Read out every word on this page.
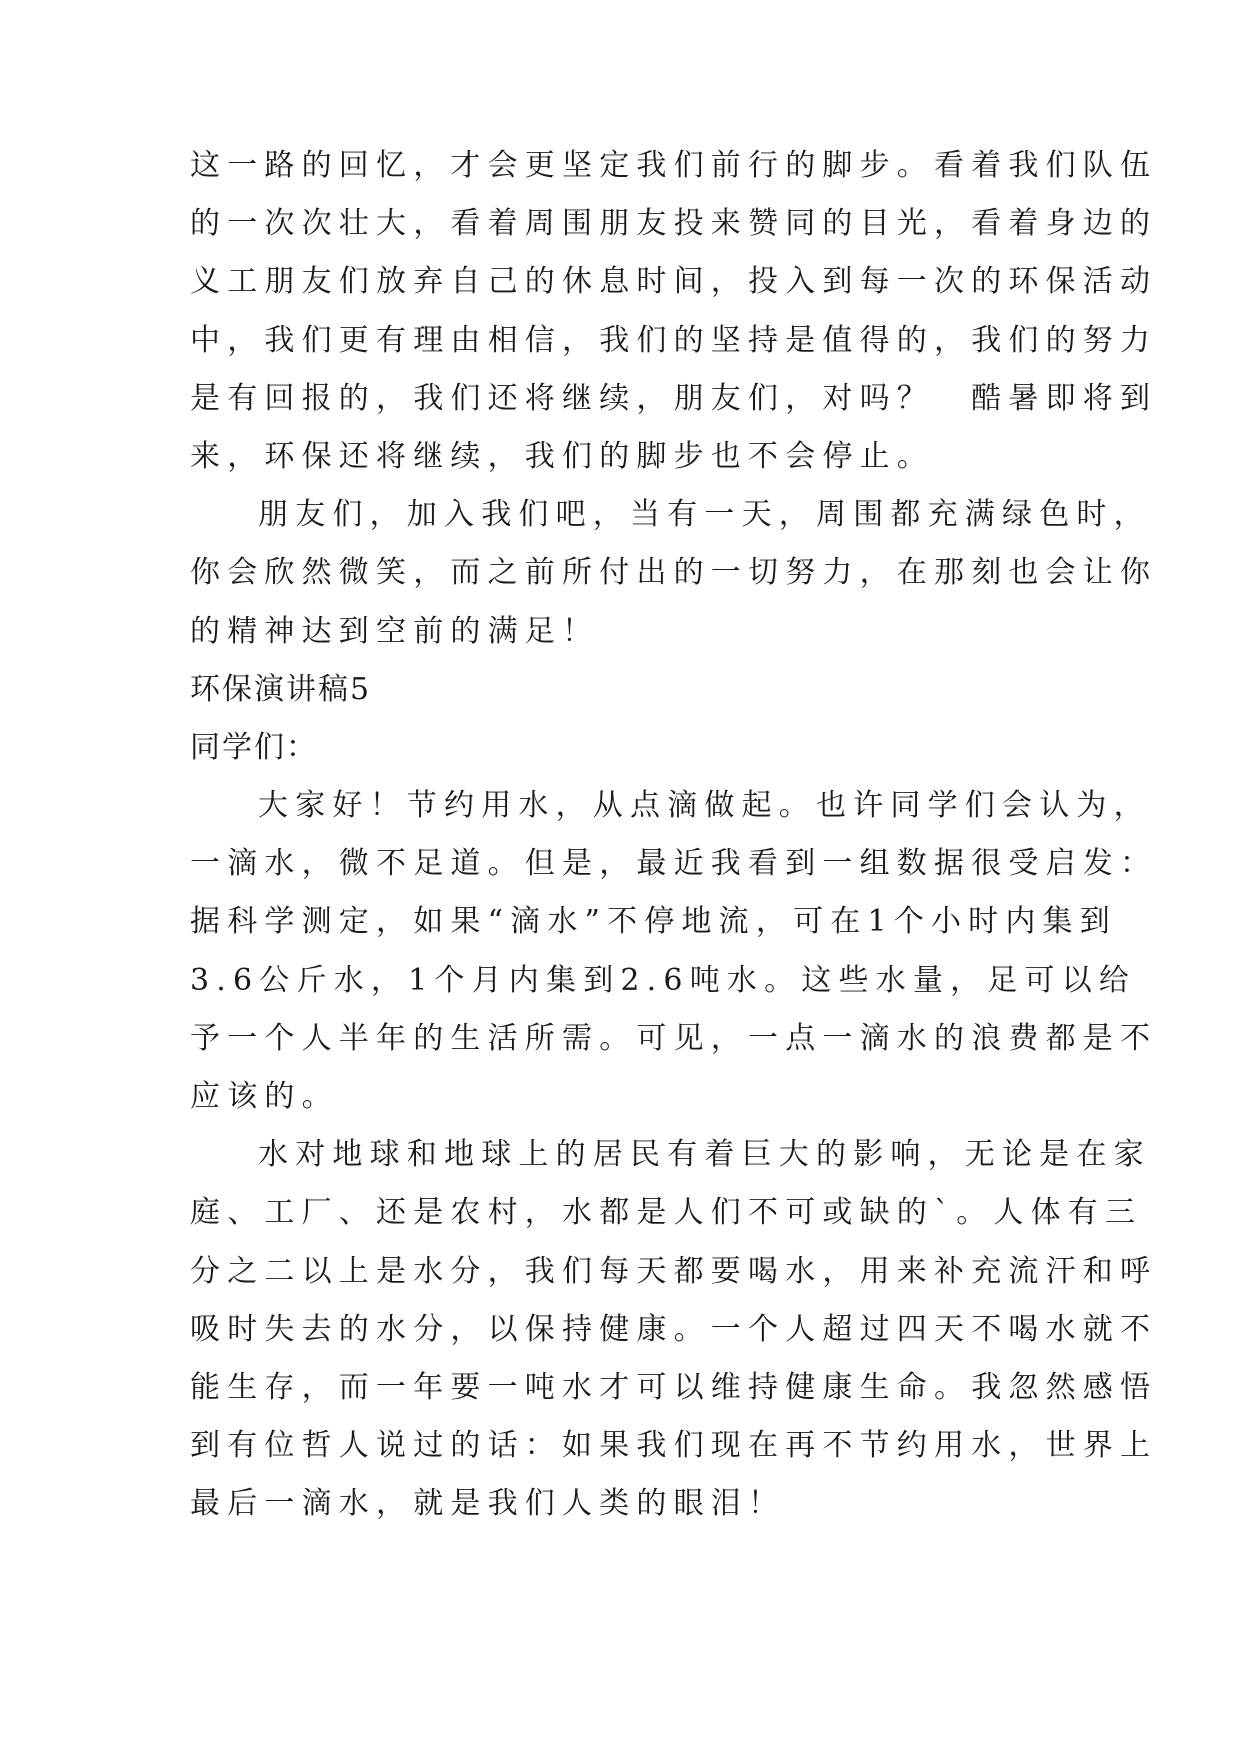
这一路的回忆，才会更坚定我们前行的脚步。看着我们队伍
的一次次壮大，看着周围朋友投来赞同的目光，看着身边的
义工朋友们放弃自己的休息时间，投入到每一次的环保活动
中，我们更有理由相信，我们的坚持是值得的，我们的努力
是有回报的，我们还将继续，朋友们，对吗？　酷暑即将到
来，环保还将继续，我们的脚步也不会停止。
朋友们，加入我们吧，当有一天，周围都充满绿色时，
你会欣然微笑，而之前所付出的一切努力，在那刻也会让你
的精神达到空前的满足！
环保演讲稿5
同学们：
大家好！节约用水，从点滴做起。也许同学们会认为，
一滴水，微不足道。但是，最近我看到一组数据很受启发：
据科学测定，如果“滴水”不停地流，可在1个小时内集到
3.6公斤水，1个月内集到2.6吨水。这些水量，足可以给
予一个人半年的生活所需。可见，一点一滴水的浪费都是不
应该的。
水对地球和地球上的居民有着巨大的影响，无论是在家
庭、工厂、还是农村，水都是人们不可或缺的`。人体有三
分之二以上是水分，我们每天都要喝水，用来补充流汗和呼
吸时失去的水分，以保持健康。一个人超过四天不喝水就不
能生存，而一年要一吨水才可以维持健康生命。我忽然感悟
到有位哲人说过的话：如果我们现在再不节约用水，世界上
最后一滴水，就是我们人类的眼泪！
